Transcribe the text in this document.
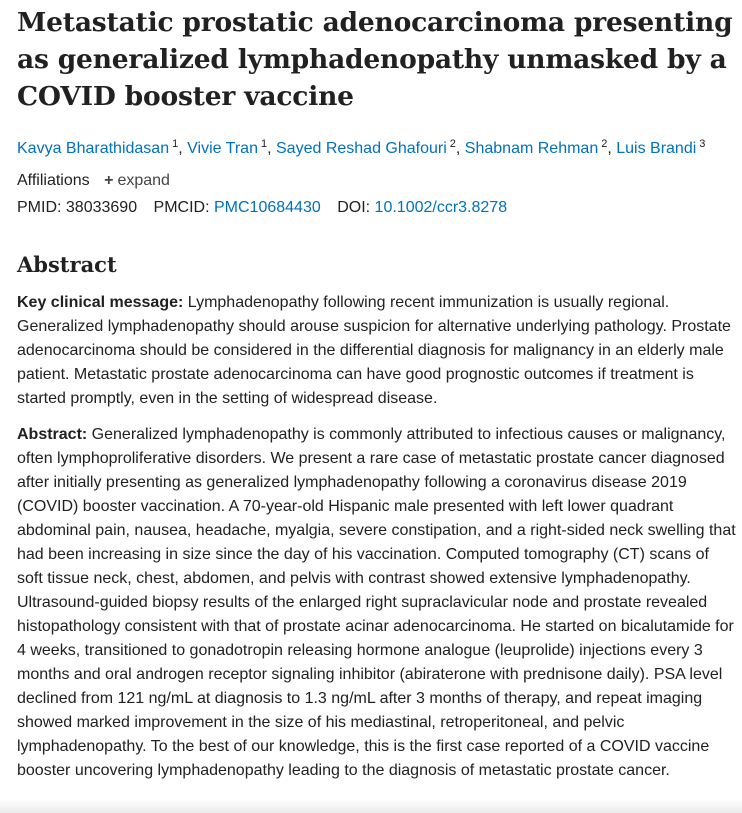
Metastatic prostatic adenocarcinoma presenting as generalized lymphadenopathy unmasked by a COVID booster vaccine
Kavya Bharathidasan $^1$, Vivie Tran $^1$, Sayed Reshad Ghafouri $^2$, Shabnam Rehman $^2$, Luis Brandi $^3$
Affiliations + expand
PMID: 38033690 PMCID: PMC10684430 DOI: 10.1002/ccr3.8278
Abstract

Key clinical message: Lymphadenopathy following recent immunization is usually regional. Generalized lymphadenopathy should arouse suspicion for alternative underlying pathology. Prostate adenocarcinoma should be considered in the differential diagnosis for malignancy in an elderly male patient. Metastatic prostate adenocarcinoma can have good prognostic outcomes if treatment is started promptly, even in the setting of widespread disease.

Abstract: Generalized lymphadenopathy is commonly attributed to infectious causes or malignancy, often lymphoproliferative disorders. We present a rare case of metastatic prostate cancer diagnosed after initially presenting as generalized lymphadenopathy following a coronavirus disease 2019 (COVID) booster vaccination. A 70-year-old Hispanic male presented with left lower quadrant abdominal pain, nausea, headache, myalgia, severe constipation, and a right-sided neck swelling that had been increasing in size since the day of his vaccination. Computed tomography (CT) scans of soft tissue neck, chest, abdomen, and pelvis with contrast showed extensive lymphadenopathy. Ultrasound-guided biopsy results of the enlarged right supraclavicular node and prostate revealed histopathology consistent with that of prostate acinar adenocarcinoma. He started on bicalutamide for 4 weeks, transitioned to gonadotropin releasing hormone analogue (leuprolide) injections every 3 months and oral androgen receptor signaling inhibitor (abiraterone with prednisone daily). PSA level declined from 121 ng/mL at diagnosis to 1.3 ng/mL after 3 months of therapy, and repeat imaging showed marked improvement in the size of his mediastinal, retroperitoneal, and pelvic lymphadenopathy. To the best of our knowledge, this is the first case reported of a COVID vaccine booster uncovering lymphadenopathy leading to the diagnosis of metastatic prostate cancer.
